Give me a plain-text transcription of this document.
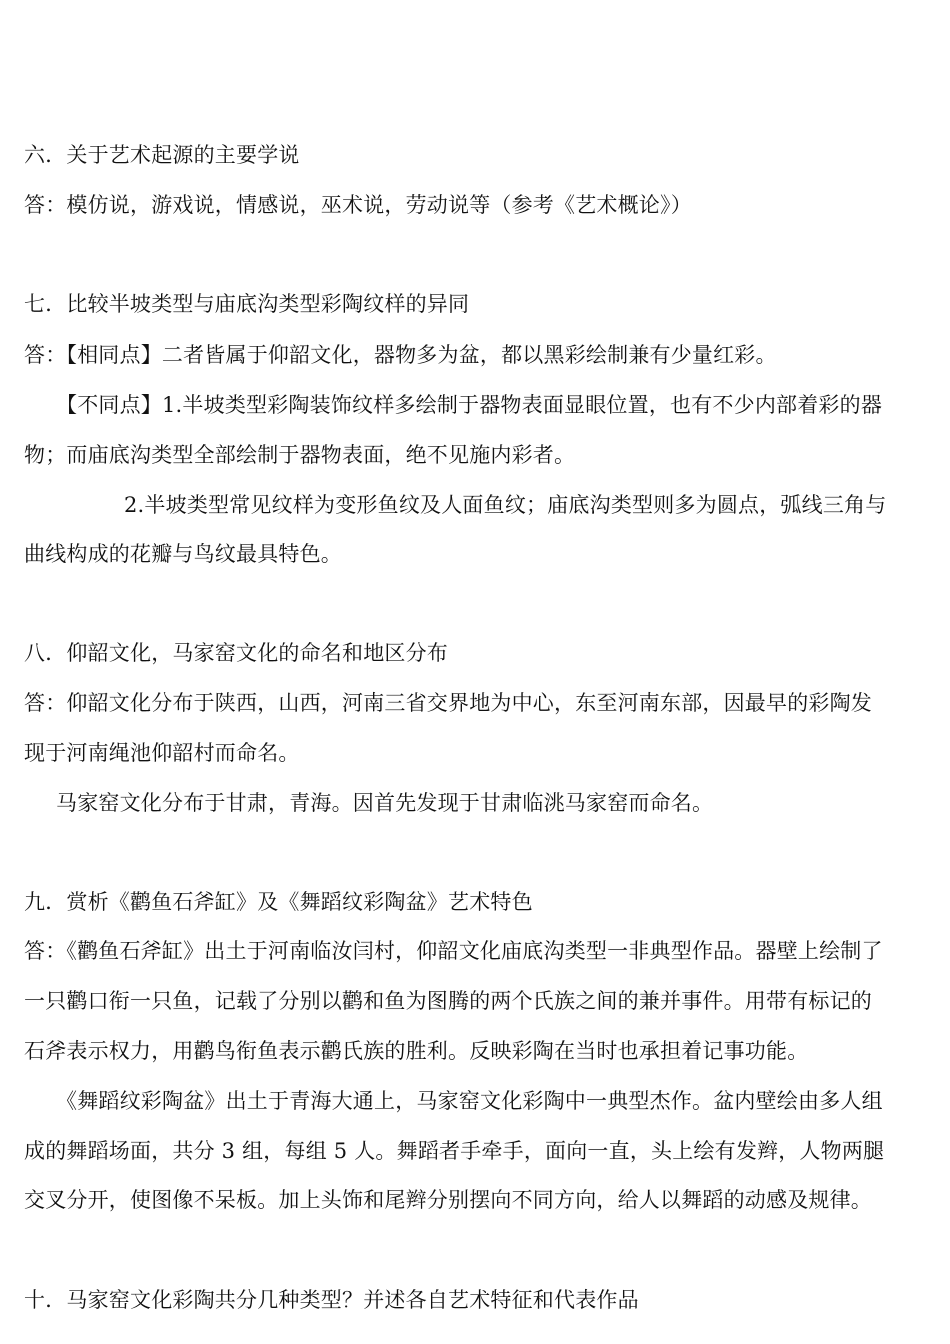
六．关于艺术起源的主要学说
答：模仿说，游戏说，情感说，巫术说，劳动说等（参考《艺术概论》）
七．比较半坡类型与庙底沟类型彩陶纹样的异同
答：【相同点】二者皆属于仰韶文化，器物多为盆，都以黑彩绘制兼有少量红彩。
【不同点】1.半坡类型彩陶装饰纹样多绘制于器物表面显眼位置，也有不少内部着彩的器
物；而庙底沟类型全部绘制于器物表面，绝不见施内彩者。
2.半坡类型常见纹样为变形鱼纹及人面鱼纹；庙底沟类型则多为圆点，弧线三角与
曲线构成的花瓣与鸟纹最具特色。
八．仰韶文化，马家窑文化的命名和地区分布
答：仰韶文化分布于陕西，山西，河南三省交界地为中心，东至河南东部，因最早的彩陶发
现于河南绳池仰韶村而命名。
马家窑文化分布于甘肃，青海。因首先发现于甘肃临洮马家窑而命名。
九．赏析《鹳鱼石斧缸》及《舞蹈纹彩陶盆》艺术特色
答：《鹳鱼石斧缸》出土于河南临汝闫村，仰韶文化庙底沟类型一非典型作品。器壁上绘制了
一只鹳口衔一只鱼，记载了分别以鹳和鱼为图腾的两个氏族之间的兼并事件。用带有标记的
石斧表示权力，用鹳鸟衔鱼表示鹳氏族的胜利。反映彩陶在当时也承担着记事功能。
《舞蹈纹彩陶盆》出土于青海大通上，马家窑文化彩陶中一典型杰作。盆内壁绘由多人组
成的舞蹈场面，共分 3 组，每组 5 人。舞蹈者手牵手，面向一直，头上绘有发辫，人物两腿
交叉分开，使图像不呆板。加上头饰和尾辫分别摆向不同方向，给人以舞蹈的动感及规律。
十．马家窑文化彩陶共分几种类型？并述各自艺术特征和代表作品
